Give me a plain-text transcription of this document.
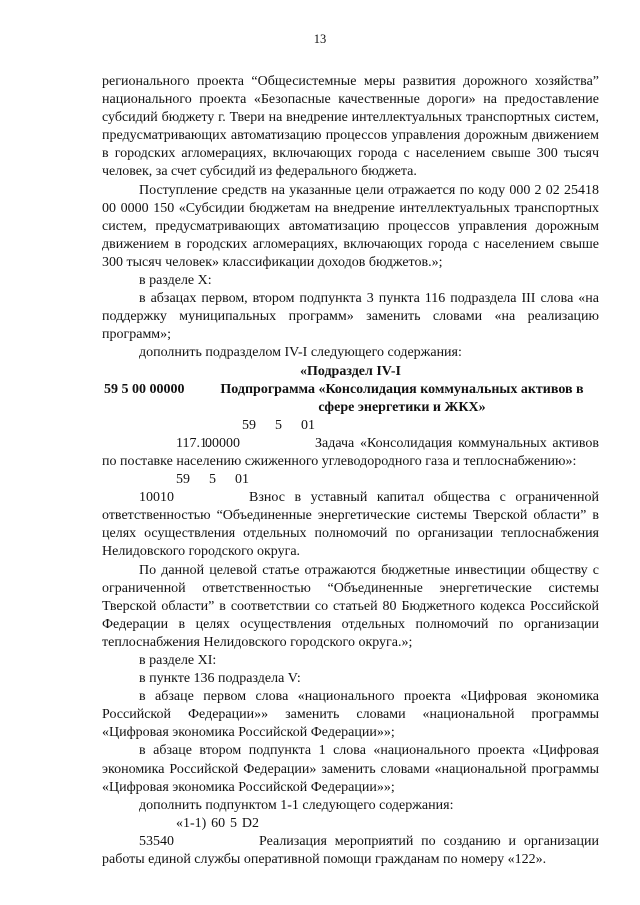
13

регионального проекта “Общесистемные меры развития дорожного хозяйства” национального проекта «Безопасные качественные дороги» на предоставление субсидий бюджету г. Твери на внедрение интеллектуальных транспортных систем, предусматривающих автоматизацию процессов управления дорожным движением в городских агломерациях, включающих города с населением свыше 300 тысяч человек, за счет субсидий из федерального бюджета.

Поступление средств на указанные цели отражается по коду 000 2 02 25418 00 0000 150 «Субсидии бюджетам на внедрение интеллектуальных транспортных систем, предусматривающих автоматизацию процессов управления дорожным движением в городских агломерациях, включающих города с населением свыше 300 тысяч человек» классификации доходов бюджетов.»;

в разделе X:

в абзацах первом, втором подпункта 3 пункта 116 подраздела III слова «на поддержку муниципальных программ» заменить словами «на реализацию программ»;

дополнить подразделом IV-I следующего содержания:

«Подраздел IV-I

59 5 00 00000	Подпрограмма «Консолидация коммунальных активов в сфере энергетики и ЖКХ»

117.1.59 5 01 00000	Задача «Консолидация коммунальных активов по поставке населению сжиженного углеводородного газа и теплоснабжению»:

59 5 01 10010	Взнос в уставный капитал общества с ограниченной ответственностью “Объединенные энергетические системы Тверской области” в целях осуществления отдельных полномочий по организации теплоснабжения Нелидовского городского округа.

По данной целевой статье отражаются бюджетные инвестиции обществу с ограниченной ответственностью “Объединенные энергетические системы Тверской области” в соответствии со статьей 80 Бюджетного кодекса Российской Федерации в целях осуществления отдельных полномочий по организации теплоснабжения Нелидовского городского округа.»;

в разделе XI:

в пункте 136 подраздела V:

в абзаце первом слова «национального проекта «Цифровая экономика Российской Федерации»» заменить словами «национальной программы «Цифровая экономика Российской Федерации»»;

в абзаце втором подпункта 1 слова «национального проекта «Цифровая экономика Российской Федерации» заменить словами «национальной программы «Цифровая экономика Российской Федерации»»;

дополнить подпунктом 1-1 следующего содержания:

«1-1) 60 5 D2 53540	Реализация мероприятий по созданию и организации работы единой службы оперативной помощи гражданам по номеру «122».
